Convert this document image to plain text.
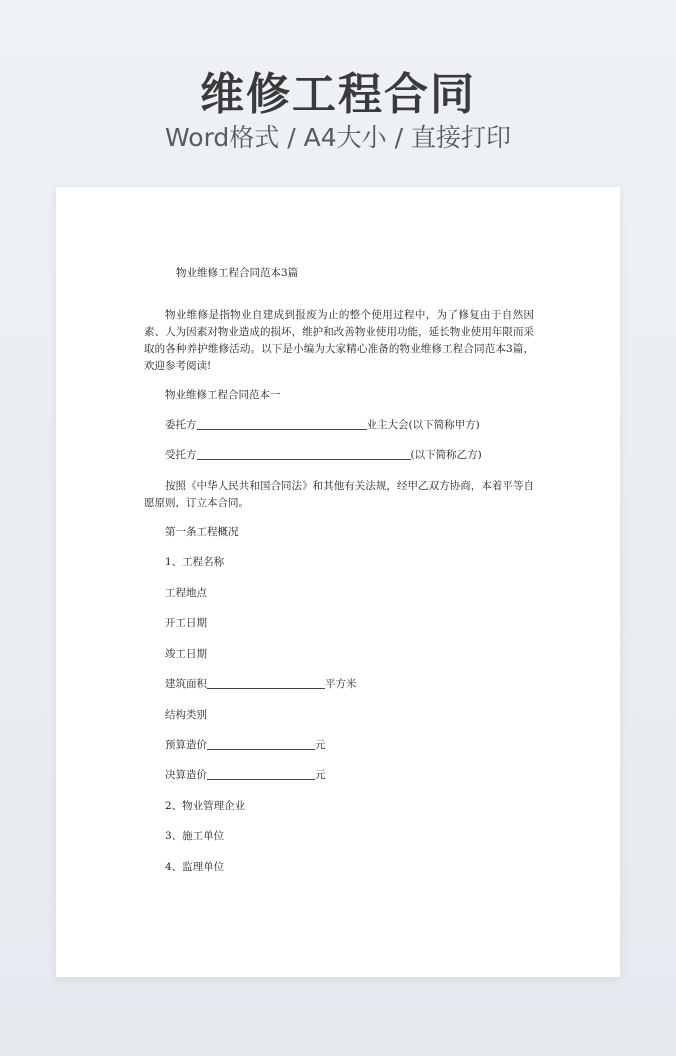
维修工程合同
Word格式 / A4大小 / 直接打印
物业维修工程合同范本3篇
物业维修是指物业自建成到报废为止的整个使用过程中，为了修复由于自然因素、人为因素对物业造成的损坏，维护和改善物业使用功能，延长物业使用年限而采取的各种养护维修活动。以下是小编为大家精心准备的物业维修工程合同范本3篇，欢迎参考阅读!
物业维修工程合同范本一
委托方	业主大会(以下简称甲方)
受托方	(以下简称乙方)
按照《中华人民共和国合同法》和其他有关法规，经甲乙双方协商，本着平等自愿原则，订立本合同。
第一条工程概况
1、工程名称
工程地点
开工日期
竣工日期
建筑面积	平方米
结构类别
预算造价	元
决算造价	元
2、物业管理企业
3、施工单位
4、监理单位
